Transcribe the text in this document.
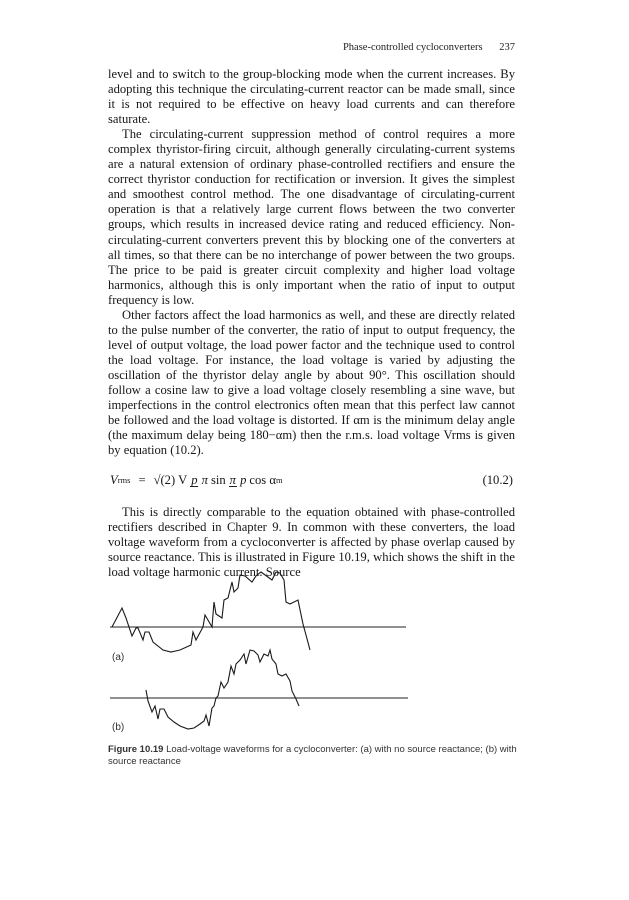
Phase-controlled cycloconverters 237

level and to switch to the group-blocking mode when the current increases. By adopting this technique the circulating-current reactor can be made small, since it is not required to be effective on heavy load currents and can therefore saturate.

The circulating-current suppression method of control requires a more complex thyristor-firing circuit, although generally circulating-current systems are a natural extension of ordinary phase-controlled rectifiers and ensure the correct thyristor conduction for rectification or inversion. It gives the simplest and smoothest control method. The one disadvantage of circulating-current operation is that a relatively large current flows between the two converter groups, which results in increased device rating and reduced efficiency. Non-circulating-current converters prevent this by blocking one of the converters at all times, so that there can be no interchange of power between the two groups. The price to be paid is greater circuit complexity and higher load voltage harmonics, although this is only important when the ratio of input to output frequency is low.

Other factors affect the load harmonics as well, and these are directly related to the pulse number of the converter, the ratio of input to output frequency, the level of output voltage, the load power factor and the technique used to control the load voltage. For instance, the load voltage is varied by adjusting the oscillation of the thyristor delay angle by about 90°. This oscillation should follow a cosine law to give a load voltage closely resembling a sine wave, but imperfections in the control electronics often mean that this perfect law cannot be followed and the load voltage is distorted. If αm is the minimum delay angle (the maximum delay being 180−αm) then the r.m.s. load voltage Vrms is given by equation (10.2).

V rms = √(2) V p π sin π p cos α m	(10.2)

This is directly comparable to the equation obtained with phase-controlled rectifiers described in Chapter 9. In common with these converters, the load voltage waveform from a cycloconverter is affected by phase overlap caused by source reactance. This is illustrated in Figure 10.19, which shows the shift in the load voltage harmonic current. Source

(a)
(b)
Figure 10.19 Load-voltage waveforms for a cycloconverter: (a) with no source reactance; (b) with source reactance
